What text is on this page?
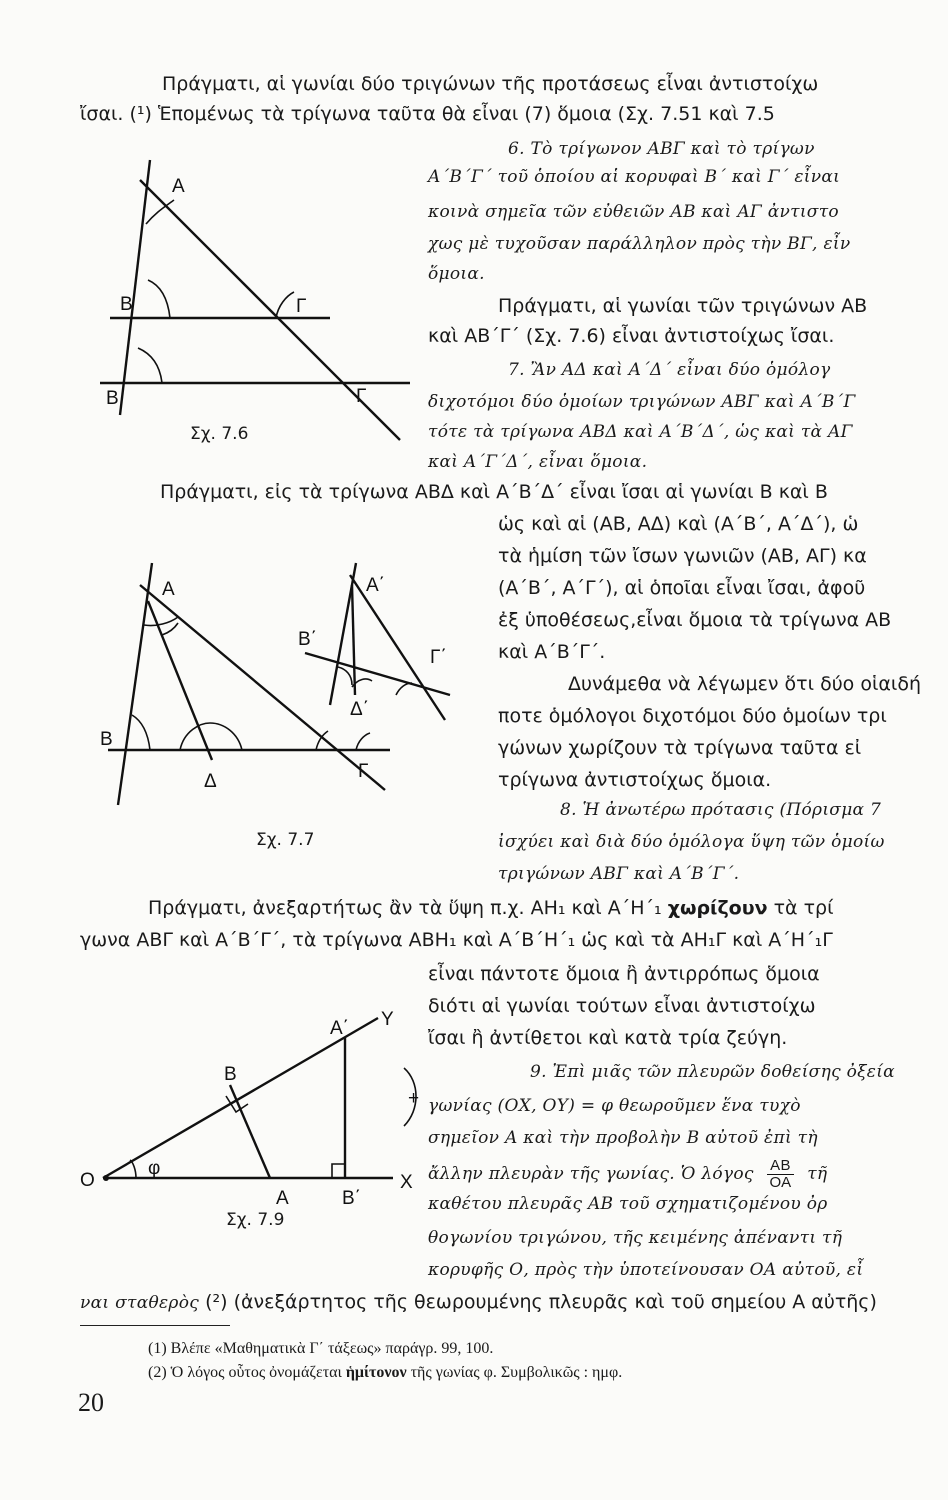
Πράγματι, αἱ γωνίαι δύο τριγώνων τῆς προτάσεως εἶναι ἀντιστοίχω
ἴσαι. (¹) Ἑπομένως τὰ τρίγωνα ταῦτα θὰ εἶναι (7) ὅμοια (Σχ. 7.51 καὶ 7.5
6. Τὸ τρίγωνον ΑΒΓ καὶ τὸ τρίγων
Α΄Β΄Γ΄ τοῦ ὁποίου αἱ κορυφαὶ Β΄ καὶ Γ΄ εἶναι
κοινὰ σημεῖα τῶν εὐθειῶν ΑΒ καὶ ΑΓ ἀντιστο
χως μὲ τυχοῦσαν παράλληλον πρὸς τὴν ΒΓ, εἶν
ὅμοια.
Πράγματι, αἱ γωνίαι τῶν τριγώνων ΑΒ
καὶ ΑΒ΄Γ΄ (Σχ. 7.6) εἶναι ἀντιστοίχως ἴσαι.
Α
Β	Γ
Β	Γ
Σχ. 7.6
7. Ἂν ΑΔ καὶ Α΄Δ΄ εἶναι δύο ὁμόλογ
διχοτόμοι δύο ὁμοίων τριγώνων ΑΒΓ καὶ Α΄Β΄Γ
τότε τὰ τρίγωνα ΑΒΔ καὶ Α΄Β΄Δ΄, ὡς καὶ τὰ ΑΓ
καὶ Α΄Γ΄Δ΄, εἶναι ὅμοια.
Πράγματι, εἰς τὰ τρίγωνα ΑΒΔ καὶ Α΄Β΄Δ΄ εἶναι ἴσαι αἱ γωνίαι Β καὶ Β
ὡς καὶ αἱ (ΑΒ, ΑΔ) καὶ (Α΄Β΄, Α΄Δ΄), ὡ
τὰ ἡμίση τῶν ἴσων γωνιῶν (ΑΒ, ΑΓ) κα
(Α΄Β΄, Α΄Γ΄), αἱ ὁποῖαι εἶναι ἴσαι, ἀφοῦ
ἐξ ὑποθέσεως,εἶναι ὅμοια τὰ τρίγωνα ΑΒ
καὶ Α΄Β΄Γ΄.
Δυνάμεθα νὰ λέγωμεν ὅτι δύο οἱαιδή
ποτε ὁμόλογοι διχοτόμοι δύο ὁμοίων τρι
γώνων χωρίζουν τὰ τρίγωνα ταῦτα εἰ
τρίγωνα ἀντιστοίχως ὅμοια.
Α
Β
Δ	Γ
Α΄
Β΄
Δ΄
Γ΄
Σχ. 7.7
8. Ἡ ἀνωτέρω πρότασις (Πόρισμα 7
ἰσχύει καὶ διὰ δύο ὁμόλογα ὕψη τῶν ὁμοίω
τριγώνων ΑΒΓ καὶ Α΄Β΄Γ΄.
Πράγματι, ἀνεξαρτήτως ἂν τὰ ὕψη π.χ. ΑΗ₁ καὶ Α΄Η΄₁ χωρίζουν τὰ τρί
γωνα ΑΒΓ καὶ Α΄Β΄Γ΄, τὰ τρίγωνα ΑΒΗ₁ καὶ Α΄Β΄Η΄₁ ὡς καὶ τὰ ΑΗ₁Γ καὶ Α΄Η΄₁Γ
εἶναι πάντοτε ὅμοια ἢ ἀντιρρόπως ὅμοια
διότι αἱ γωνίαι τούτων εἶναι ἀντιστοίχω
ἴσαι ἢ ἀντίθετοι καὶ κατὰ τρία ζεύγη.
9. Ἐπὶ μιᾶς τῶν πλευρῶν δοθείσης ὀξεία
γωνίας (ΟΧ, ΟΥ) = φ θεωροῦμεν ἕνα τυχὸ
σημεῖον Α καὶ τὴν προβολὴν Β αὐτοῦ ἐπὶ τὴ
ἄλλην πλευρὰν τῆς γωνίας. Ὁ λόγος $\frac{AB}{OA}$ τῆ
καθέτου πλευρᾶς ΑΒ τοῦ σχηματιζομένου ὀρ
θογωνίου τριγώνου, τῆς κειμένης ἀπέναντι τῆ
κορυφῆς Ο, πρὸς τὴν ὑποτείνουσαν ΟΑ αὐτοῦ, εἶ
ναι σταθερὸς (²) (ἀνεξάρτητος τῆς θεωρουμένης πλευρᾶς καὶ τοῦ σημείου Α αὐτῆς)
Ο	Χ
Υ
φ
Β
Α
Α΄
Β΄
+
Σχ. 7.9
(1) Βλέπε «Μαθηματικὰ Γ΄ τάξεως» παράγρ. 99, 100.
(2) Ὁ λόγος οὗτος ὀνομάζεται ἡμίτονον τῆς γωνίας φ. Συμβολικῶς : ημφ.
20
